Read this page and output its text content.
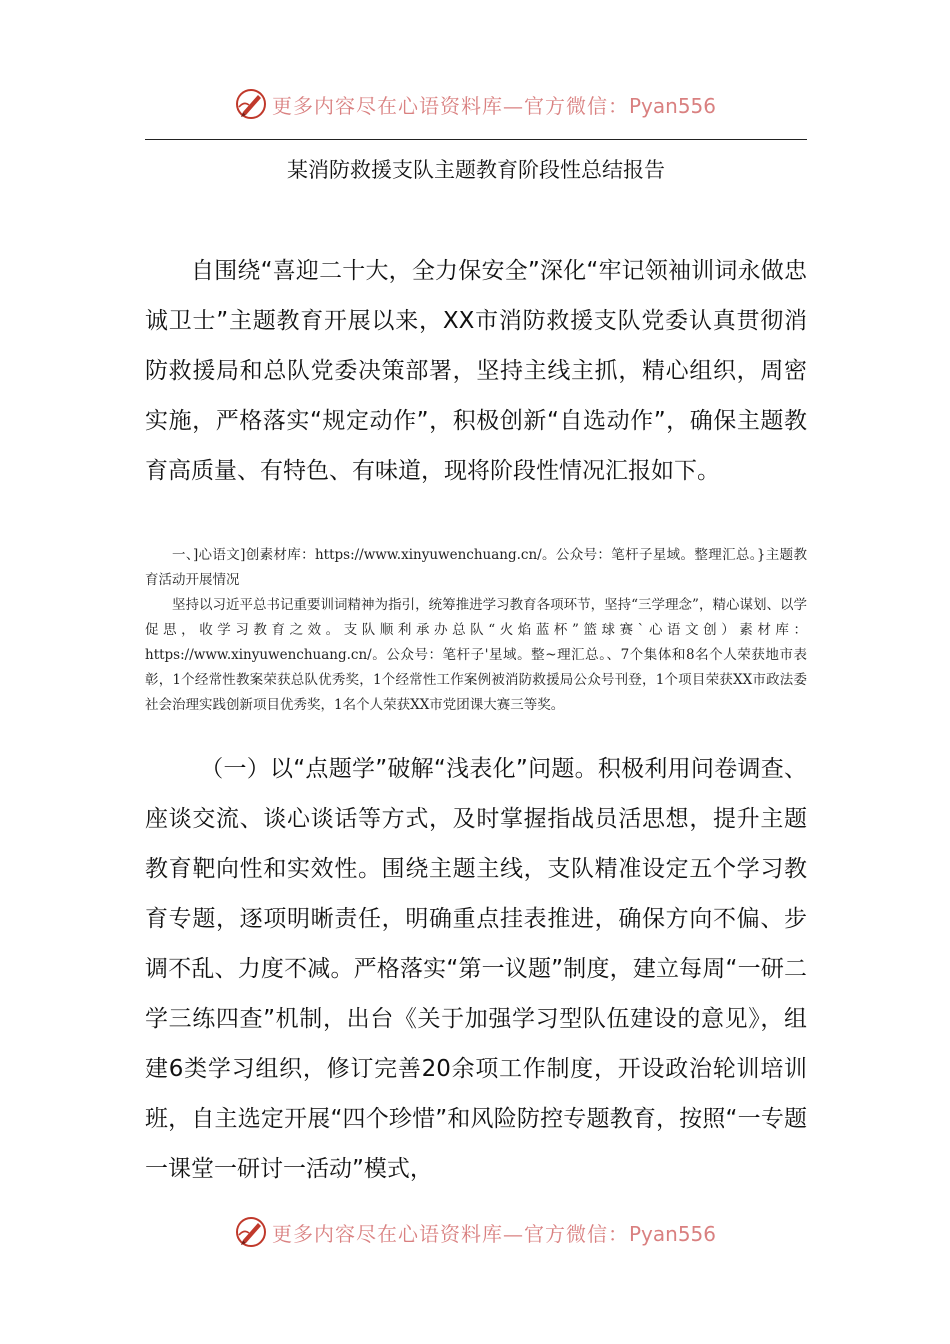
更多内容尽在心语资料库—官方微信：Pyan556
某消防救援支队主题教育阶段性总结报告

自围绕“喜迎二十大，全力保安全”深化“牢记领袖训词永做忠诚卫士”主题教育开展以来，XX市消防救援支队党委认真贯彻消防救援局和总队党委决策部署，坚持主线主抓，精心组织，周密实施，严格落实“规定动作”，积极创新“自选动作”，确保主题教育高质量、有特色、有味道，现将阶段性情况汇报如下。

一、]心语文]创素材库：https://www.xinyuwenchuang.cn/。公众号：笔杆子星域。整理汇总。}主题教育活动开展情况

坚持以习近平总书记重要训词精神为指引，统筹推进学习教育各项环节，坚持“三学理念”，精心谋划、以学促思，收学习教育之效。支队顺利承办总队“火焰蓝杯”篮球赛`心语文创）素材库：https://www.xinyuwenchuang.cn/。公众号：笔杆子'星域。整~理汇总。、7个集体和8名个人荣获地市表彰，1个经常性教案荣获总队优秀奖，1个经常性工作案例被消防救援局公众号刊登，1个项目荣获XX市政法委社会治理实践创新项目优秀奖，1名个人荣获XX市党团课大赛三等奖。

（一）以“点题学”破解“浅表化”问题。积极利用问卷调查、座谈交流、谈心谈话等方式，及时掌握指战员活思想，提升主题教育靶向性和实效性。围绕主题主线，支队精准设定五个学习教育专题，逐项明晰责任，明确重点挂表推进，确保方向不偏、步调不乱、力度不减。严格落实“第一议题”制度，建立每周“一研二学三练四查”机制，出台《关于加强学习型队伍建设的意见》，组建6类学习组织，修订完善20余项工作制度，开设政治轮训培训班，自主选定开展“四个珍惜”和风险防控专题教育，按照“一专题一课堂一研讨一活动”模式，

更多内容尽在心语资料库—官方微信：Pyan556
